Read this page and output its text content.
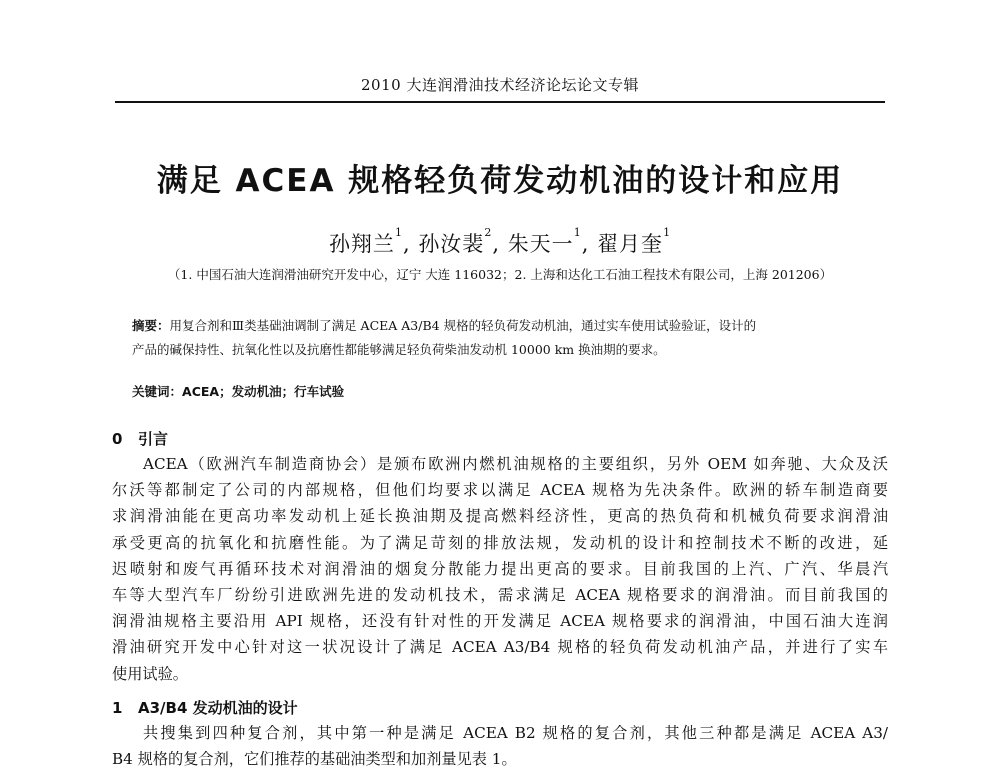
2010 大连润滑油技术经济论坛论文专辑
满足 ACEA 规格轻负荷发动机油的设计和应用
孙翔兰$^1$, 孙汝裴$^2$, 朱天一$^1$, 翟月奎$^1$
（1. 中国石油大连润滑油研究开发中心，辽宁 大连 116032；2. 上海和达化工石油工程技术有限公司，上海 201206）
摘要：用复合剂和Ⅲ类基础油调制了满足 ACEA A3/B4 规格的轻负荷发动机油，通过实车使用试验验证，设计的
产品的碱保持性、抗氧化性以及抗磨性都能够满足轻负荷柴油发动机 10000 km 换油期的要求。
关键词：ACEA；发动机油；行车试验
0 引言
ACEA（欧洲汽车制造商协会）是颁布欧洲内燃机油规格的主要组织，另外 OEM 如奔驰、大众及沃
尔沃等都制定了公司的内部规格，但他们均要求以满足 ACEA 规格为先决条件。欧洲的轿车制造商要
求润滑油能在更高功率发动机上延长换油期及提高燃料经济性，更高的热负荷和机械负荷要求润滑油
承受更高的抗氧化和抗磨性能。为了满足苛刻的排放法规，发动机的设计和控制技术不断的改进，延
迟喷射和废气再循环技术对润滑油的烟炱分散能力提出更高的要求。目前我国的上汽、广汽、华晨汽
车等大型汽车厂纷纷引进欧洲先进的发动机技术，需求满足 ACEA 规格要求的润滑油。而目前我国的
润滑油规格主要沿用 API 规格，还没有针对性的开发满足 ACEA 规格要求的润滑油，中国石油大连润
滑油研究开发中心针对这一状况设计了满足 ACEA A3/B4 规格的轻负荷发动机油产品，并进行了实车
使用试验。
1 A3/B4 发动机油的设计
共搜集到四种复合剂，其中第一种是满足 ACEA B2 规格的复合剂，其他三种都是满足 ACEA A3/
B4 规格的复合剂，它们推荐的基础油类型和加剂量见表 1。
